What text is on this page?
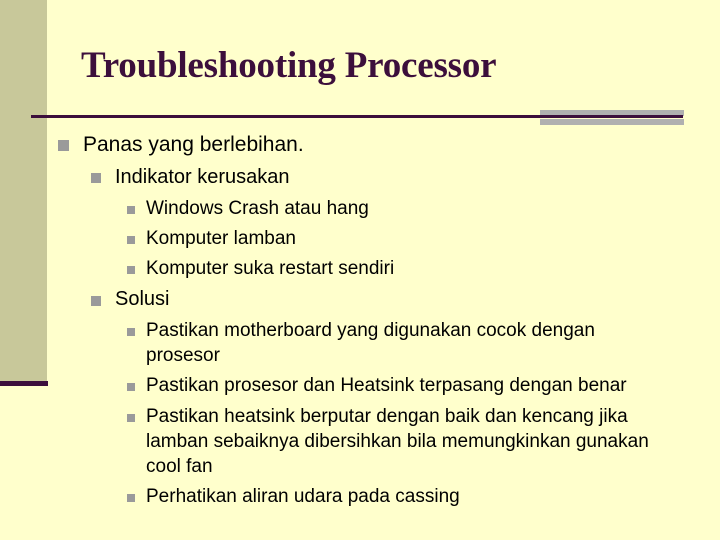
Troubleshooting Processor
Panas yang berlebihan.
Indikator kerusakan
Windows Crash atau hang
Komputer lamban
Komputer suka restart sendiri
Solusi
Pastikan motherboard yang digunakan cocok dengan
prosesor
Pastikan prosesor dan Heatsink terpasang dengan benar
Pastikan heatsink berputar dengan baik dan kencang jika
lamban sebaiknya dibersihkan bila memungkinkan gunakan
cool fan
Perhatikan aliran udara pada cassing
